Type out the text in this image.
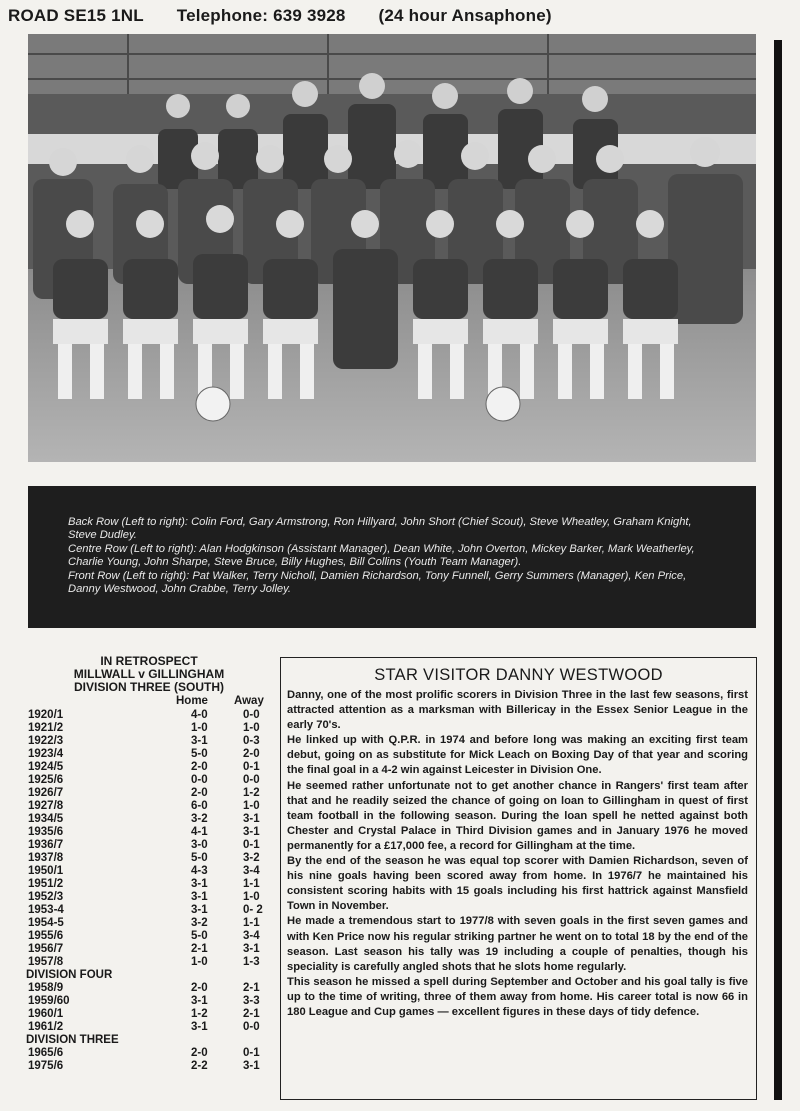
ROAD SE15 1NL Telephone: 639 3928 (24 hour Ansaphone)

Back Row (Left to right): Colin Ford, Gary Armstrong, Ron Hillyard, John Short (Chief Scout), Steve Wheatley, Graham Knight, Steve Dudley.

Centre Row (Left to right): Alan Hodgkinson (Assistant Manager), Dean White, John Overton, Mickey Barker, Mark Weatherley, Charlie Young, John Sharpe, Steve Bruce, Billy Hughes, Bill Collins (Youth Team Manager).

Front Row (Left to right): Pat Walker, Terry Nicholl, Damien Richardson, Tony Funnell, Gerry Summers (Manager), Ken Price, Danny Westwood, John Crabbe, Terry Jolley.

IN RETROSPECT
MILLWALL v GILLINGHAM
DIVISION THREE (SOUTH)
Home Away
1920/1	4-0	0-0
1921/2	1-0	1-0
1922/3	3-1	0-3
1923/4	5-0	2-0
1924/5	2-0	0-1
1925/6	0-0	0-0
1926/7	2-0	1-2
1927/8	6-0	1-0
1934/5	3-2	3-1
1935/6	4-1	3-1
1936/7	3-0	0-1
1937/8	5-0	3-2
1950/1	4-3	3-4
1951/2	3-1	1-1
1952/3	3-1	1-0
1953-4	3-1	0- 2
1954-5	3-2	1-1
1955/6	5-0	3-4
1956/7	2-1	3-1
1957/8	1-0	1-3
DIVISION FOUR
1958/9	2-0	2-1
1959/60	3-1	3-3
1960/1	1-2	2-1
1961/2	3-1	0-0
DIVISION THREE
1965/6	2-0	0-1
1975/6	2-2	3-1
STAR VISITOR DANNY WESTWOOD

Danny, one of the most prolific scorers in Division Three in the last few seasons, first attracted attention as a marksman with Billericay in the Essex Senior League in the early 70's.

He linked up with Q.P.R. in 1974 and before long was making an exciting first team debut, going on as substitute for Mick Leach on Boxing Day of that year and scoring the final goal in a 4-2 win against Leicester in Division One.

He seemed rather unfortunate not to get another chance in Rangers' first team after that and he readily seized the chance of going on loan to Gillingham in quest of first team football in the following season. During the loan spell he netted against both Chester and Crystal Palace in Third Division games and in January 1976 he moved permanently for a £17,000 fee, a record for Gillingham at the time.

By the end of the season he was equal top scorer with Damien Richardson, seven of his nine goals having been scored away from home. In 1976/7 he maintained his consistent scoring habits with 15 goals including his first hattrick against Mansfield Town in November.

He made a tremendous start to 1977/8 with seven goals in the first seven games and with Ken Price now his regular striking partner he went on to total 18 by the end of the season. Last season his tally was 19 including a couple of penalties, though his speciality is carefully angled shots that he slots home regularly.

This season he missed a spell during September and October and his goal tally is five up to the time of writing, three of them away from home. His career total is now 66 in 180 League and Cup games — excellent figures in these days of tidy defence.
